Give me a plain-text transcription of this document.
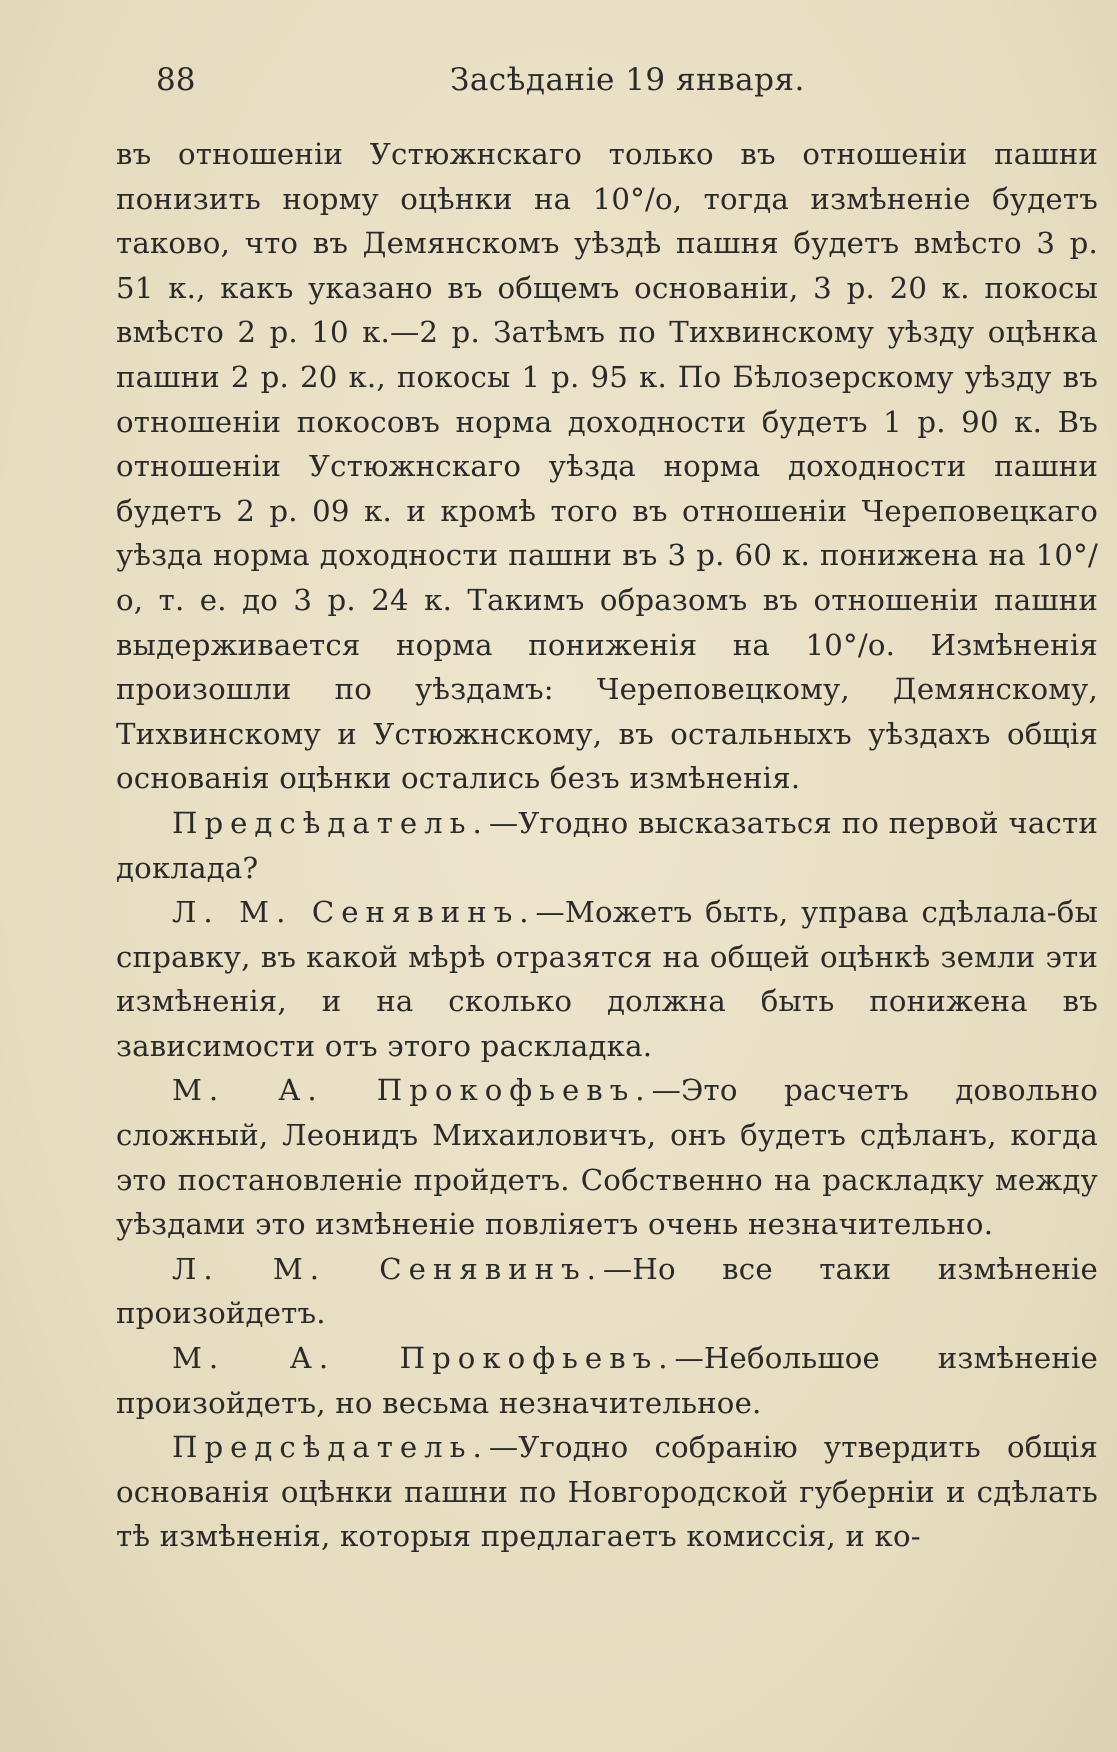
88	Засѣданіе 19 января.

въ отношеніи Устюжнскаго только въ отношеніи пашни понизить норму оцѣнки на 10°/о, тогда измѣненіе будетъ таково, что въ Демянскомъ уѣздѣ пашня будетъ вмѣсто 3 р. 51 к., какъ указано въ общемъ основаніи, 3 р. 20 к. покосы вмѣсто 2 р. 10 к.—2 р. Затѣмъ по Тихвинскому уѣзду оцѣнка пашни 2 р. 20 к., покосы 1 р. 95 к. По Бѣлозерскому уѣзду въ отношеніи покосовъ норма доходности будетъ 1 р. 90 к. Въ отношеніи Устюжнскаго уѣзда норма доходности пашни будетъ 2 р. 09 к. и кромѣ того въ отношеніи Череповецкаго уѣзда норма доходности пашни въ 3 р. 60 к. понижена на 10°/о, т. е. до 3 р. 24 к. Такимъ образомъ въ отношеніи пашни выдерживается норма пониженія на 10°/о. Измѣненія произошли по уѣздамъ: Череповецкому, Демянскому, Тихвинскому и Устюжнскому, въ остальныхъ уѣздахъ общія основанія оцѣнки остались безъ измѣненія.

Предсѣдатель.—Угодно высказаться по первой части доклада?

Л. М. Сенявинъ.—Можетъ быть, управа сдѣлала-бы справку, въ какой мѣрѣ отразятся на общей оцѣнкѣ земли эти измѣненія, и на сколько должна быть понижена въ зависимости отъ этого раскладка.

М. А. Прокофьевъ.—Это расчетъ довольно сложный, Леонидъ Михаиловичъ, онъ будетъ сдѣланъ, когда это постановленіе пройдетъ. Собственно на раскладку между уѣздами это измѣненіе повліяетъ очень незначительно.

Л. М. Сенявинъ.—Но все таки измѣненіе произойдетъ.

М. А. Прокофьевъ.—Небольшое измѣненіе произойдетъ, но весьма незначительное.

Предсѣдатель.—Угодно собранію утвердить общія основанія оцѣнки пашни по Новгородской губерніи и сдѣлать тѣ измѣненія, которыя предлагаетъ комиссія, и ко-
